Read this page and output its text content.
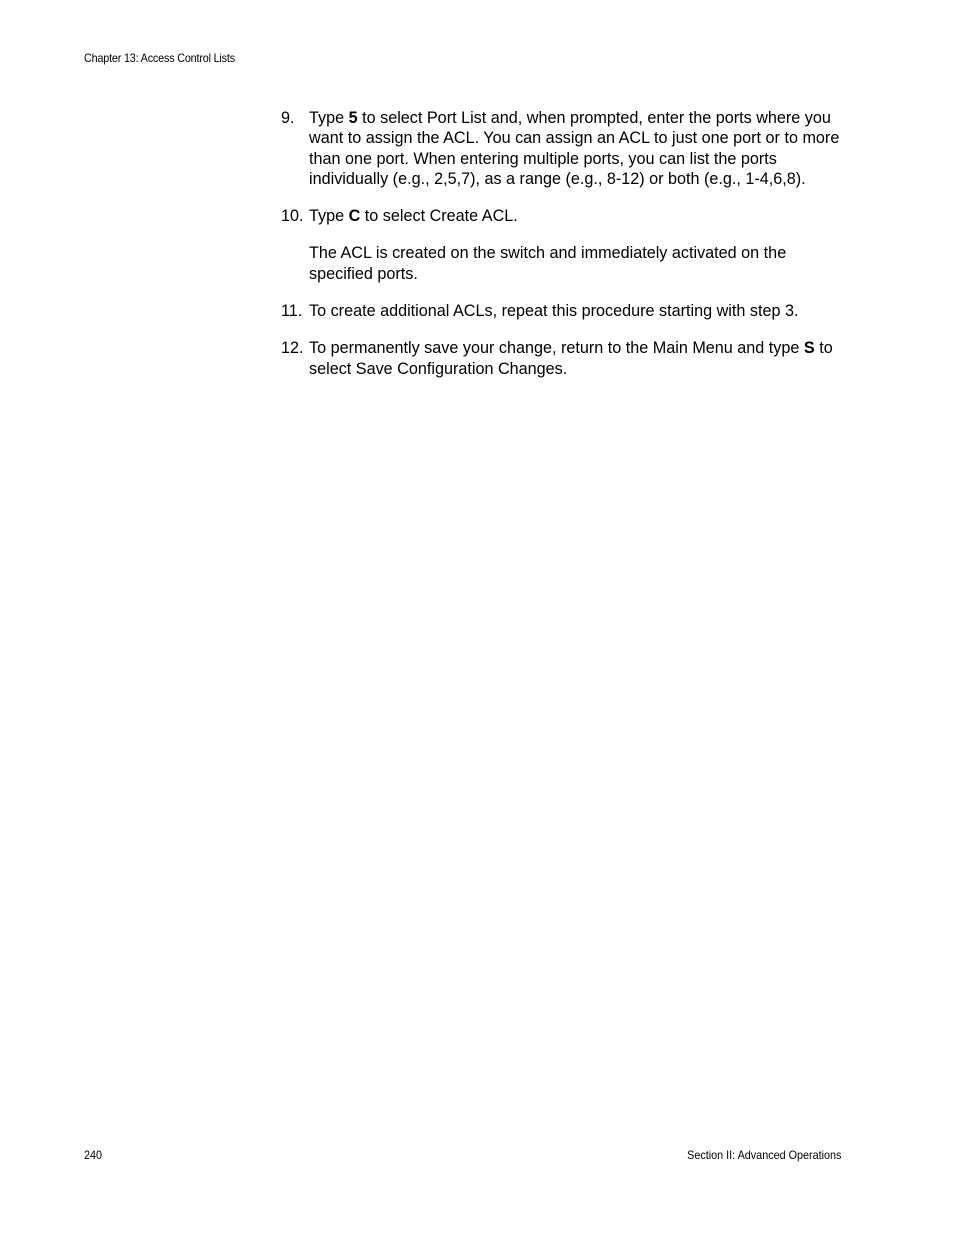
Chapter 13: Access Control Lists
9. Type 5 to select Port List and, when prompted, enter the ports where you want to assign the ACL. You can assign an ACL to just one port or to more than one port. When entering multiple ports, you can list the ports individually (e.g., 2,5,7), as a range (e.g., 8-12) or both (e.g., 1-4,6,8).
10. Type C to select Create ACL.
The ACL is created on the switch and immediately activated on the specified ports.
11. To create additional ACLs, repeat this procedure starting with step 3.
12. To permanently save your change, return to the Main Menu and type S to select Save Configuration Changes.
240	Section II: Advanced Operations
